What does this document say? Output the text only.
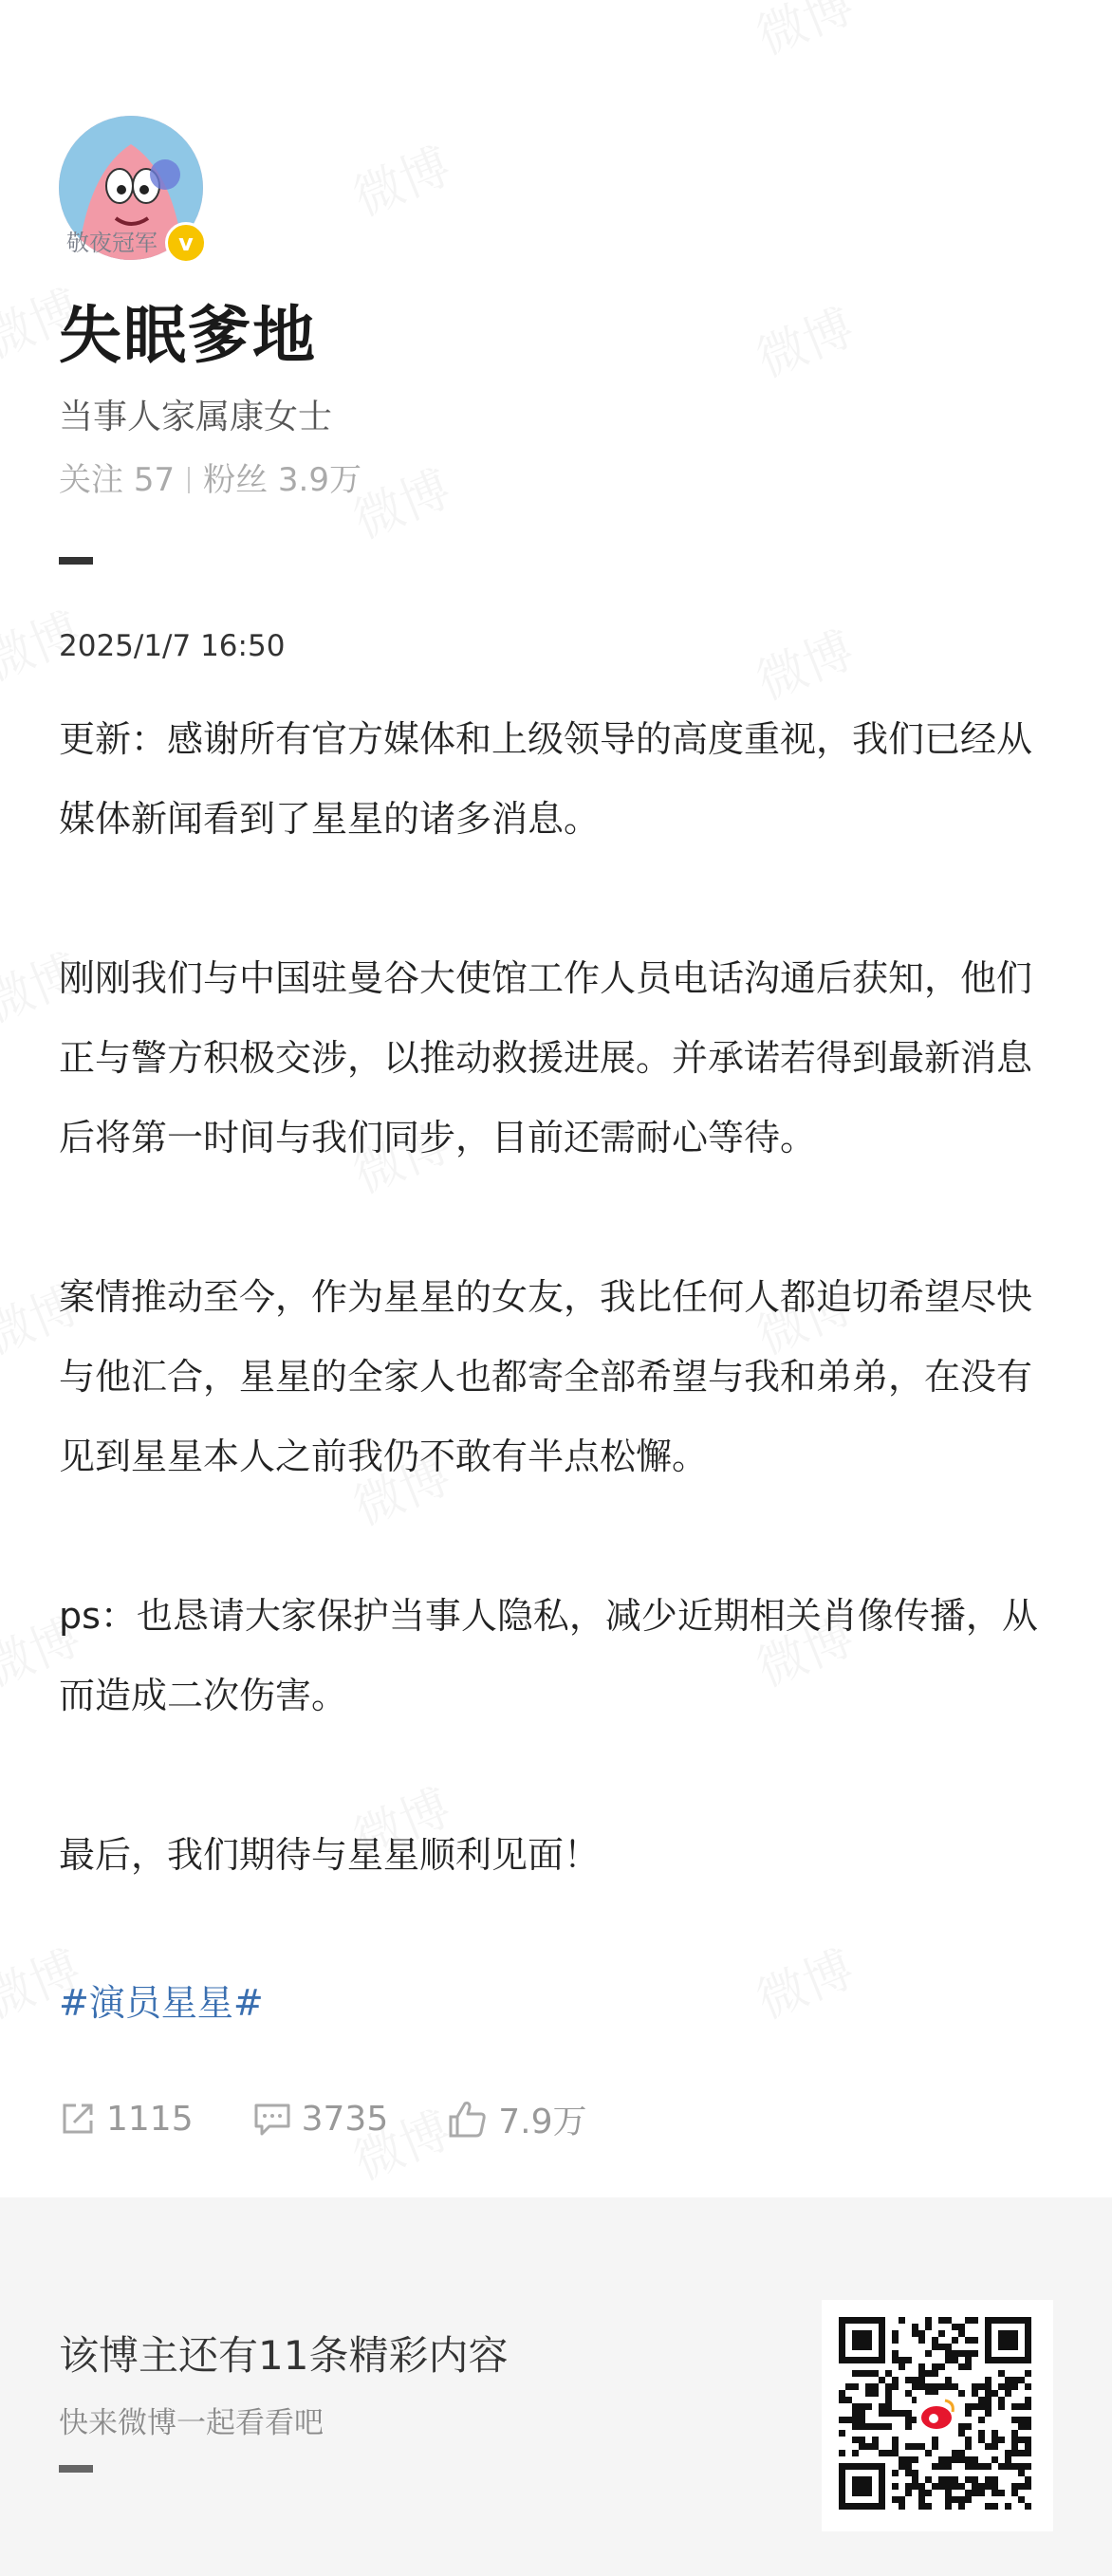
敬夜冠军 v
失眠爹地
当事人家属康女士
关注 57 粉丝 3.9万
2025/1/7 16:50

更新：感谢所有官方媒体和上级领导的高度重视，我们已经从媒体新闻看到了星星的诸多消息。

刚刚我们与中国驻曼谷大使馆工作人员电话沟通后获知，他们正与警方积极交涉，以推动救援进展。并承诺若得到最新消息后将第一时间与我们同步，目前还需耐心等待。

案情推动至今，作为星星的女友，我比任何人都迫切希望尽快与他汇合，星星的全家人也都寄全部希望与我和弟弟，在没有见到星星本人之前我仍不敢有半点松懈。

ps：也恳请大家保护当事人隐私，减少近期相关肖像传播，从而造成二次伤害。

最后，我们期待与星星顺利见面！

#演员星星#
1115	3735	7.9万
该博主还有11条精彩内容
快来微博一起看看吧
